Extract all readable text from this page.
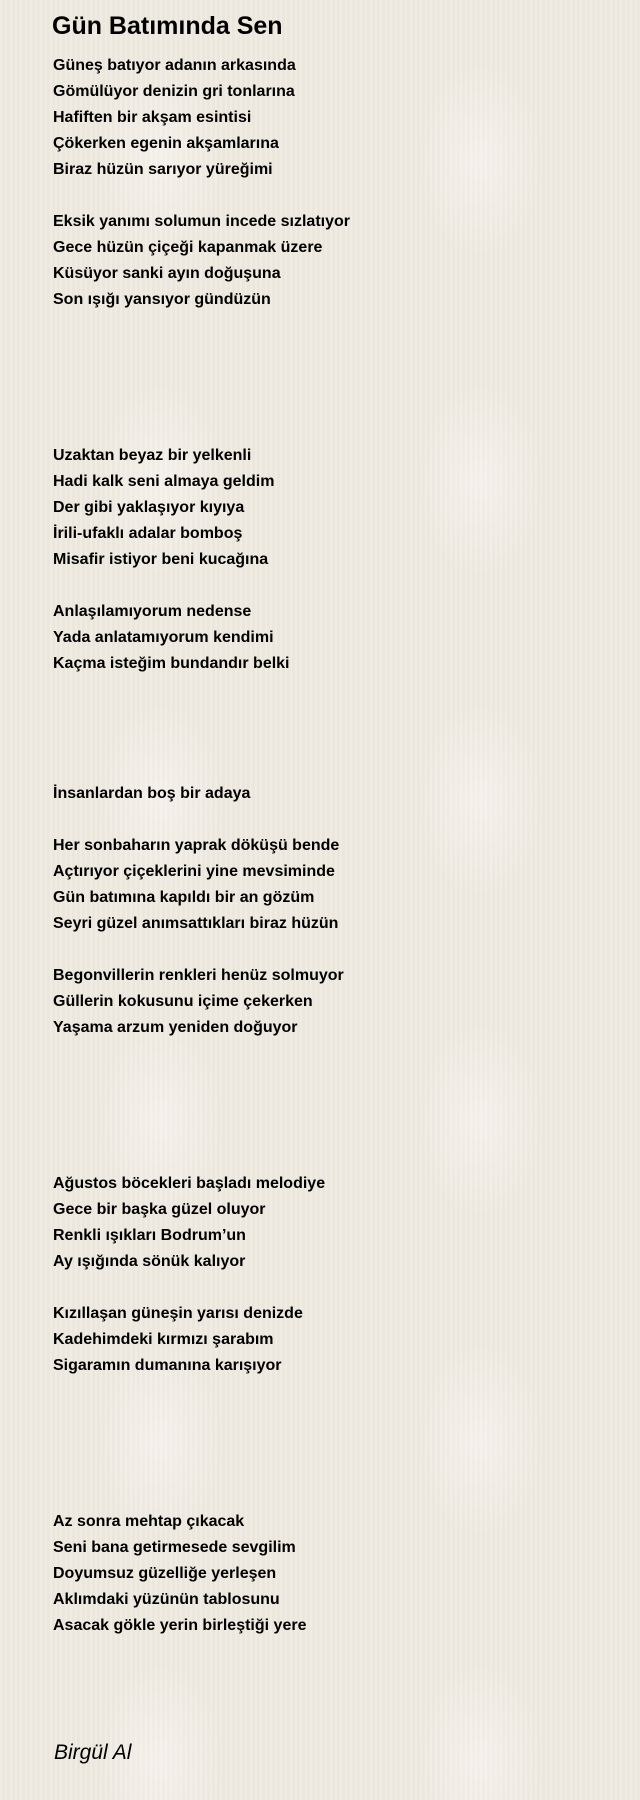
Gün Batımında Sen
Güneş batıyor adanın arkasında
Gömülüyor denizin gri tonlarına
Hafiften bir akşam esintisi
Çökerken egenin akşamlarına
Biraz hüzün sarıyor yüreğimi
Eksik yanımı solumun incede sızlatıyor
Gece hüzün çiçeği kapanmak üzere
Küsüyor sanki ayın doğuşuna
Son ışığı yansıyor gündüzün
Uzaktan beyaz bir yelkenli
Hadi kalk seni almaya geldim
Der gibi yaklaşıyor kıyıya
İrili-ufaklı adalar bomboş
Misafir istiyor beni kucağına
Anlaşılamıyorum nedense
Yada anlatamıyorum kendimi
Kaçma isteğim bundandır belki
İnsanlardan boş bir adaya
Her sonbaharın yaprak döküşü bende
Açtırıyor çiçeklerini yine mevsiminde
Gün batımına kapıldı bir an gözüm
Seyri güzel anımsattıkları biraz hüzün
Begonvillerin renkleri henüz solmuyor
Güllerin kokusunu içime çekerken
Yaşama arzum yeniden doğuyor
Ağustos böcekleri başladı melodiye
Gece bir başka güzel oluyor
Renkli ışıkları Bodrum’un
Ay ışığında sönük kalıyor
Kızıllaşan güneşin yarısı denizde
Kadehimdeki kırmızı şarabım
Sigaramın dumanına karışıyor
Az sonra mehtap çıkacak
Seni bana getirmesede sevgilim
Doyumsuz güzelliğe yerleşen
Aklımdaki yüzünün tablosunu
Asacak gökle yerin birleştiği yere
Birgül Al
